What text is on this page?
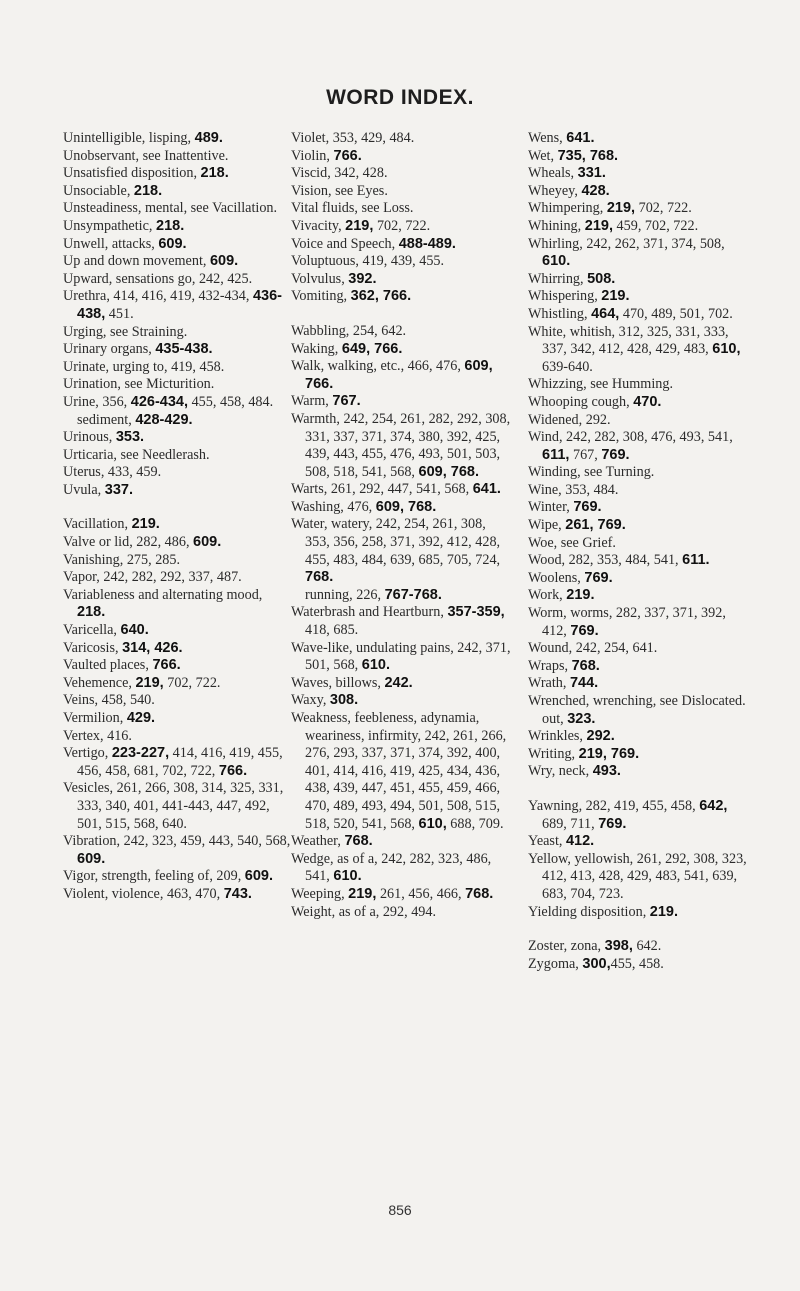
WORD INDEX.

Unintelligible, lisping, 489.

Unobservant, see Inattentive.

Unsatisfied disposition, 218.

Unsociable, 218.

Unsteadiness, mental, see Vacillation.

Unsympathetic, 218.

Unwell, attacks, 609.

Up and down movement, 609.

Upward, sensations go, 242, 425.

Urethra, 414, 416, 419, 432-434, 436-438, 451.

Urging, see Straining.

Urinary organs, 435-438.

Urinate, urging to, 419, 458.

Urination, see Micturition.

Urine, 356, 426-434, 455, 458, 484.

sediment, 428-429.

Urinous, 353.

Urticaria, see Needlerash.

Uterus, 433, 459.

Uvula, 337.

Vacillation, 219.

Valve or lid, 282, 486, 609.

Vanishing, 275, 285.

Vapor, 242, 282, 292, 337, 487.

Variableness and alternating mood, 218.

Varicella, 640.

Varicosis, 314, 426.

Vaulted places, 766.

Vehemence, 219, 702, 722.

Veins, 458, 540.

Vermilion, 429.

Vertex, 416.

Vertigo, 223-227, 414, 416, 419, 455, 456, 458, 681, 702, 722, 766.

Vesicles, 261, 266, 308, 314, 325, 331, 333, 340, 401, 441-443, 447, 492, 501, 515, 568, 640.

Vibration, 242, 323, 459, 443, 540, 568, 609.

Vigor, strength, feeling of, 209, 609.

Violent, violence, 463, 470, 743.

Violet, 353, 429, 484.

Violin, 766.

Viscid, 342, 428.

Vision, see Eyes.

Vital fluids, see Loss.

Vivacity, 219, 702, 722.

Voice and Speech, 488-489.

Voluptuous, 419, 439, 455.

Volvulus, 392.

Vomiting, 362, 766.

Wabbling, 254, 642.

Waking, 649, 766.

Walk, walking, etc., 466, 476, 609, 766.

Warm, 767.

Warmth, 242, 254, 261, 282, 292, 308, 331, 337, 371, 374, 380, 392, 425, 439, 443, 455, 476, 493, 501, 503, 508, 518, 541, 568, 609, 768.

Warts, 261, 292, 447, 541, 568, 641.

Washing, 476, 609, 768.

Water, watery, 242, 254, 261, 308, 353, 356, 258, 371, 392, 412, 428, 455, 483, 484, 639, 685, 705, 724, 768.

running, 226, 767-768.

Waterbrash and Heartburn, 357-359, 418, 685.

Wave-like, undulating pains, 242, 371, 501, 568, 610.

Waves, billows, 242.

Waxy, 308.

Weakness, feebleness, adynamia, weariness, infirmity, 242, 261, 266, 276, 293, 337, 371, 374, 392, 400, 401, 414, 416, 419, 425, 434, 436, 438, 439, 447, 451, 455, 459, 466, 470, 489, 493, 494, 501, 508, 515, 518, 520, 541, 568, 610, 688, 709.

Weather, 768.

Wedge, as of a, 242, 282, 323, 486, 541, 610.

Weeping, 219, 261, 456, 466, 768.

Weight, as of a, 292, 494.

Wens, 641.

Wet, 735, 768.

Wheals, 331.

Wheyey, 428.

Whimpering, 219, 702, 722.

Whining, 219, 459, 702, 722.

Whirling, 242, 262, 371, 374, 508, 610.

Whirring, 508.

Whispering, 219.

Whistling, 464, 470, 489, 501, 702.

White, whitish, 312, 325, 331, 333, 337, 342, 412, 428, 429, 483, 610, 639-640.

Whizzing, see Humming.

Whooping cough, 470.

Widened, 292.

Wind, 242, 282, 308, 476, 493, 541, 611, 767, 769.

Winding, see Turning.

Wine, 353, 484.

Winter, 769.

Wipe, 261, 769.

Woe, see Grief.

Wood, 282, 353, 484, 541, 611.

Woolens, 769.

Work, 219.

Worm, worms, 282, 337, 371, 392, 412, 769.

Wound, 242, 254, 641.

Wraps, 768.

Wrath, 744.

Wrenched, wrenching, see Dislocated.

out, 323.

Wrinkles, 292.

Writing, 219, 769.

Wry, neck, 493.

Yawning, 282, 419, 455, 458, 642, 689, 711, 769.

Yeast, 412.

Yellow, yellowish, 261, 292, 308, 323, 412, 413, 428, 429, 483, 541, 639, 683, 704, 723.

Yielding disposition, 219.

Zoster, zona, 398, 642.

Zygoma, 300,455, 458.

856
